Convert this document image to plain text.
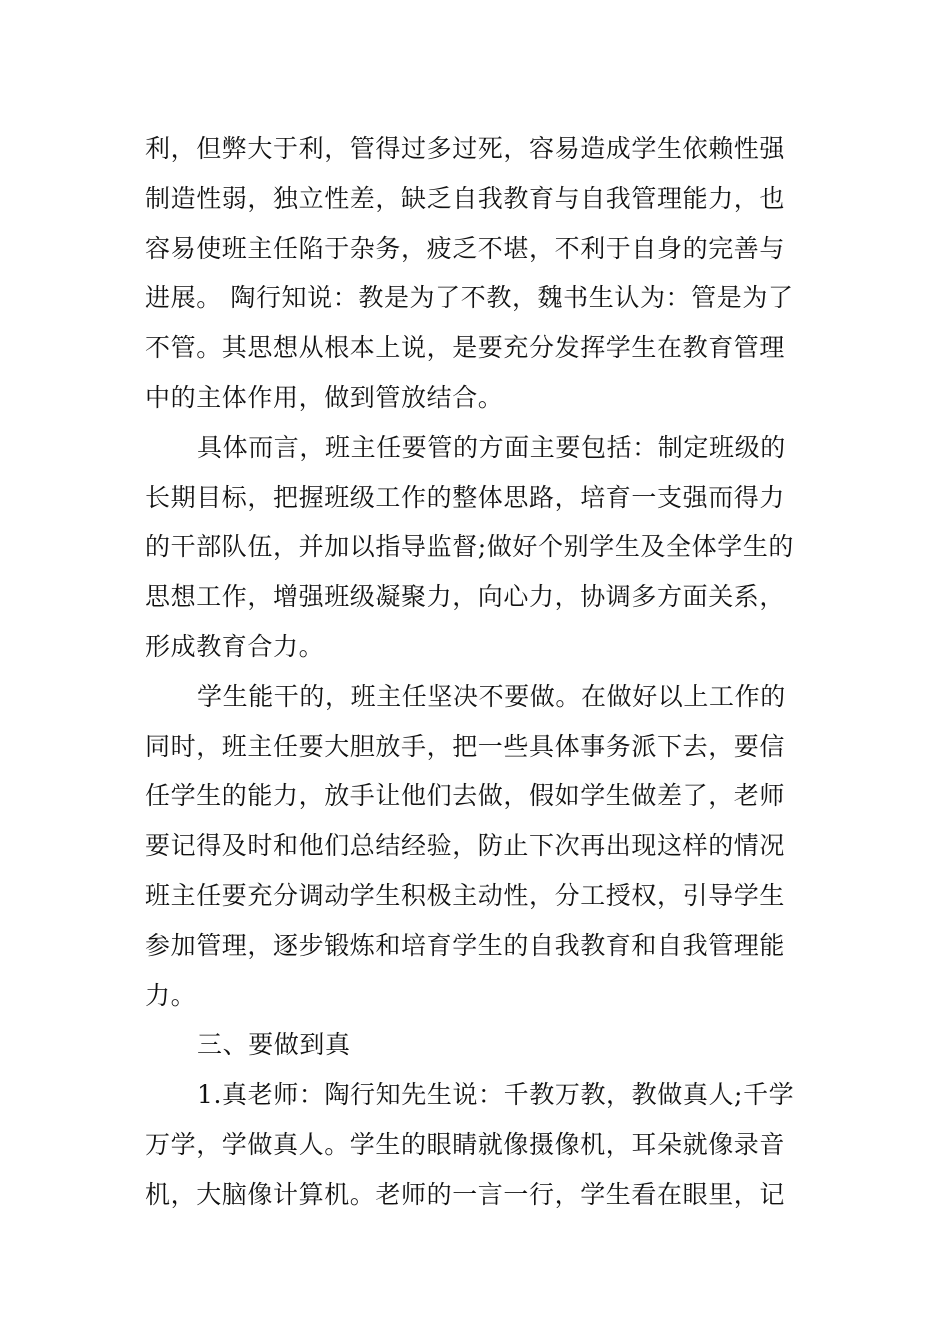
利，但弊大于利，管得过多过死，容易造成学生依赖性强
制造性弱，独立性差，缺乏自我教育与自我管理能力，也
容易使班主任陷于杂务，疲乏不堪，不利于自身的完善与
进展。 陶行知说：教是为了不教，魏书生认为：管是为了
不管。其思想从根本上说，是要充分发挥学生在教育管理
中的主体作用，做到管放结合。
具体而言，班主任要管的方面主要包括：制定班级的
长期目标，把握班级工作的整体思路，培育一支强而得力
的干部队伍，并加以指导监督;做好个别学生及全体学生的
思想工作，增强班级凝聚力，向心力，协调多方面关系，
形成教育合力。
学生能干的，班主任坚决不要做。在做好以上工作的
同时，班主任要大胆放手，把一些具体事务派下去，要信
任学生的能力，放手让他们去做，假如学生做差了，老师
要记得及时和他们总结经验，防止下次再出现这样的情况
班主任要充分调动学生积极主动性，分工授权，引导学生
参加管理，逐步锻炼和培育学生的自我教育和自我管理能
力。
三、要做到真
1.真老师：陶行知先生说：千教万教，教做真人;千学
万学，学做真人。学生的眼睛就像摄像机，耳朵就像录音
机，大脑像计算机。老师的一言一行，学生看在眼里，记
